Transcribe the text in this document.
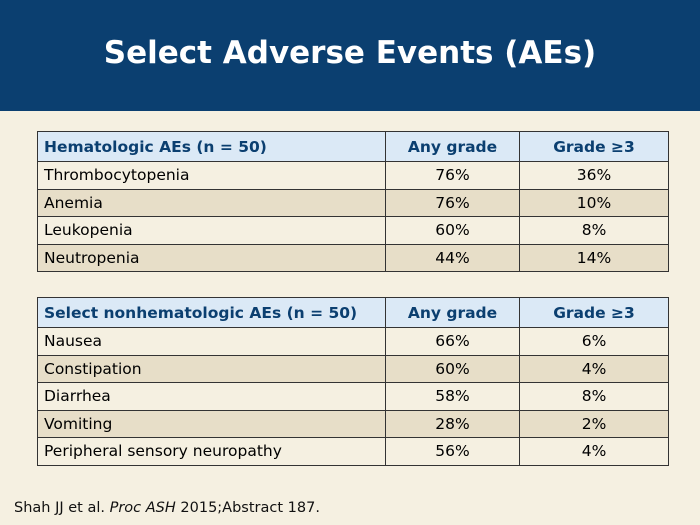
Select Adverse Events (AEs)
Hematologic AEs (n = 50)	Any grade	Grade ≥3
Thrombocytopenia	76%	36%
Anemia	76%	10%
Leukopenia	60%	8%
Neutropenia	44%	14%
Select nonhematologic AEs (n = 50)	Any grade	Grade ≥3
Nausea	66%	6%
Constipation	60%	4%
Diarrhea	58%	8%
Vomiting	28%	2%
Peripheral sensory neuropathy	56%	4%
Shah JJ et al. Proc ASH 2015;Abstract 187.
